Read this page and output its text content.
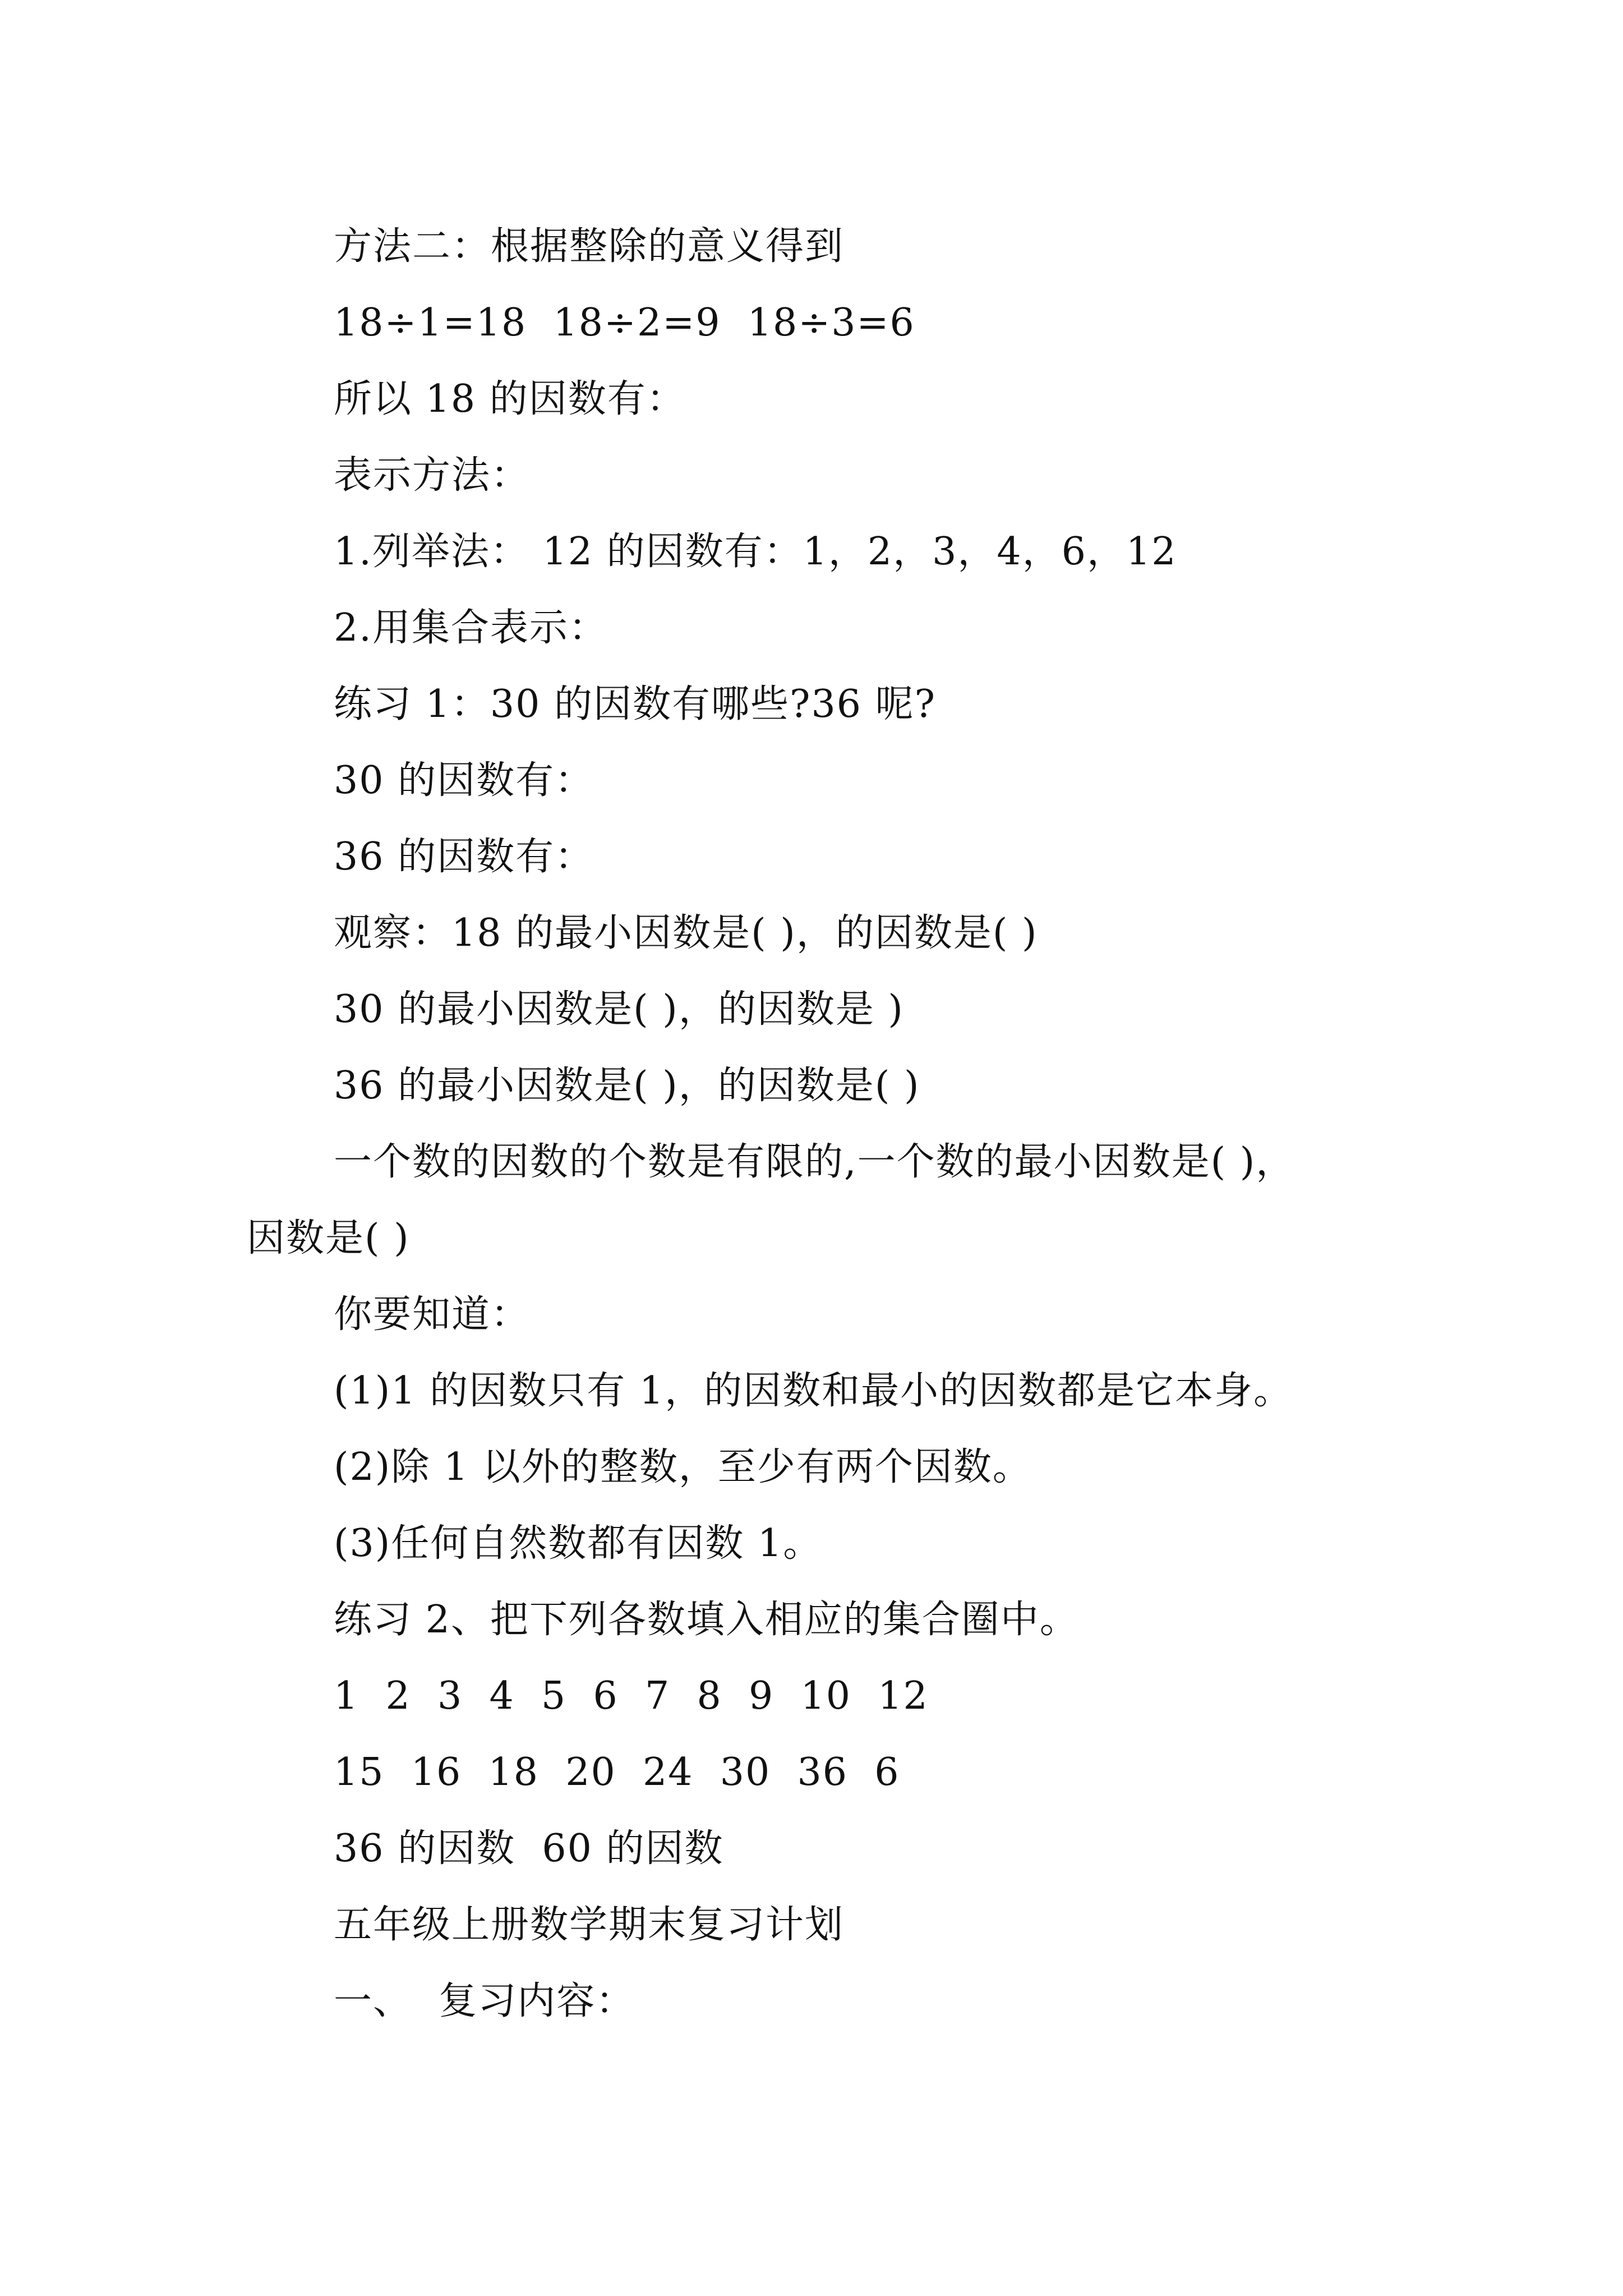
方法二：根据整除的意义得到
18÷1=18  18÷2=9  18÷3=6
所以 18 的因数有：
表示方法：
1.列举法： 12 的因数有：1，2，3，4，6，12
2.用集合表示：
练习 1：30 的因数有哪些?36 呢?
30 的因数有：
36 的因数有：
观察：18 的最小因数是( )，的因数是( )
30 的最小因数是( )，的因数是 )
36 的最小因数是( )，的因数是( )
一个数的因数的个数是有限的,一个数的最小因数是( )，
因数是( )
你要知道：
(1)1 的因数只有 1，的因数和最小的因数都是它本身。
(2)除 1 以外的整数，至少有两个因数。
(3)任何自然数都有因数 1。
练习 2、把下列各数填入相应的集合圈中。
1  2  3  4  5  6  7  8  9  10  12
15  16  18  20  24  30  36  6
36 的因数  60 的因数
五年级上册数学期末复习计划
一、  复习内容：
